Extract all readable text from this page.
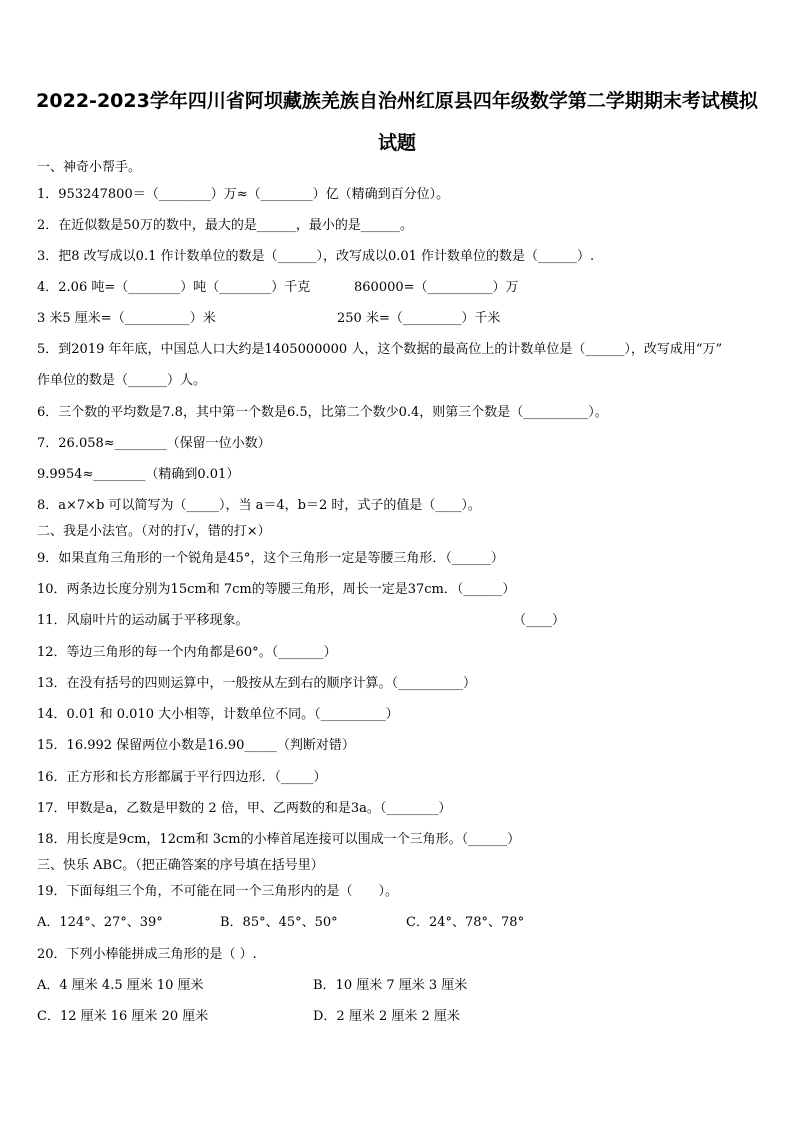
2022-2023学年四川省阿坝藏族羌族自治州红原县四年级数学第二学期期末考试模拟
试题
一、神奇小帮手。
1．953247800＝（________）万≈（________）亿（精确到百分位）。
2．在近似数是50万的数中，最大的是______，最小的是______。
3．把8 改写成以0.1 作计数单位的数是（______），改写成以0.01 作计数单位的数是（______）.
4．2.06 吨=（________）吨（________）千克	860000=（__________）万
3 米5 厘米=（__________）米	250 米=（_________）千米
5．到2019 年年底，中国总人口大约是1405000000 人，这个数据的最高位上的计数单位是（______），改写成用“万”
作单位的数是（______）人。
6．三个数的平均数是7.8，其中第一个数是6.5，比第二个数少0.4，则第三个数是（__________）。
7．26.058≈________（保留一位小数）
9.9954≈________（精确到0.01）
8．a×7×b 可以简写为（_____），当 a＝4，b＝2 时，式子的值是（____）。
二、我是小法官。（对的打√，错的打×）
9．如果直角三角形的一个锐角是45°，这个三角形一定是等腰三角形．（______）
10．两条边长度分别为15cm和 7cm的等腰三角形，周长一定是37cm．（______）
11．风扇叶片的运动属于平移现象。	（____）
12．等边三角形的每一个内角都是60°。（_______）
13．在没有括号的四则运算中，一般按从左到右的顺序计算。（__________）
14．0.01 和 0.010 大小相等，计数单位不同。（__________）
15．16.992 保留两位小数是16.90_____（判断对错）
16．正方形和长方形都属于平行四边形．（_____）
17．甲数是a，乙数是甲数的 2 倍，甲、乙两数的和是3a。（________）
18．用长度是9cm，12cm和 3cm的小棒首尾连接可以围成一个三角形。（______）
三、快乐 ABC。（把正确答案的序号填在括号里）
19．下面每组三个角，不可能在同一个三角形内的是（　　）。
A．124°、27°、39°	B．85°、45°、50°	C．24°、78°、78°
20．下列小棒能拼成三角形的是（ ）.
A．4 厘米 4.5 厘米 10 厘米	B．10 厘米 7 厘米 3 厘米
C．12 厘米 16 厘米 20 厘米	D．2 厘米 2 厘米 2 厘米
